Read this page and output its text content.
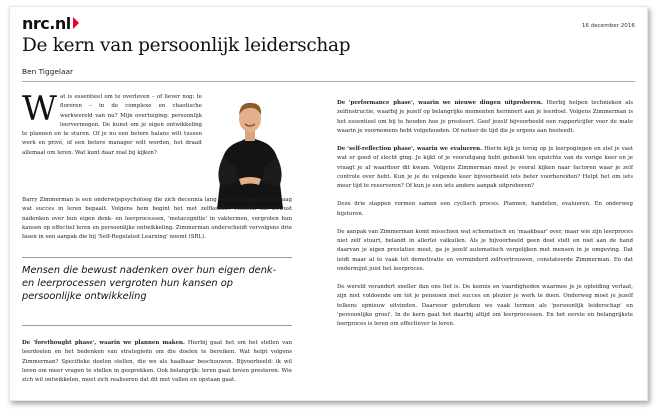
nrc.nl	16 december 2016
De kern van persoonlijk leiderschap
Ben Tiggelaar

Wat is essentieel om te overleven – of liever nog: te floreren – in de complexe en chaotische werkwereld van nu? Mijn overtuiging: persoonlijk leervermogen. De kunst om je eigen ontwikkeling te plannen en te sturen. Of je nu een betere balans wilt tussen werk en privé, of een betere manager wilt worden, het draait allemaal om leren. Wat kunt daar zoal bij kijken?

Barry Zimmerman is een onderwijspsycholoog die zich decennia lang heeft verdiept in de vraag wat succes in leren bepaalt. Volgens hem begint het met zelfkennis. Mensen die bewust nadenken over hun eigen denk- en leerprocessen, 'metacognitie' in vaktermen, vergroten hun kansen op effectief leren en persoonlijke ontwikkeling. Zimmerman onderscheidt vervolgens drie fasen in een aanpak die hij 'Self-Regulated Learning' noemt (SRL).

Mensen die bewust nadenken over hun eigen denk- en leerprocessen vergroten hun kansen op persoonlijke ontwikkeling

De 'forethought phase', waarin we plannen maken. Hierbij gaat het om het stellen van leerdoelen en het bedenken van strategieën om die doelen te bereiken. Wat helpt volgens Zimmerman? Specifieke doelen stellen, die we als haalbaar beschouwen. Bijvoorbeeld: ik wil leren om meer vragen te stellen in gesprekken. Ook belangrijk: leren gaat boven presteren. Wie zich wil ontwikkelen, moet zich realiseren dat dit met vallen en opstaan gaat.

De 'performance phase', waarin we nieuwe dingen uitproberen. Hierbij helpen technieken als zelfinstructie, waarbij je jezelf op belangrijke momenten herinnert aan je leerdoel. Volgens Zimmerman is het essentieel om bij te houden hoe je presteert. Geef jezelf bijvoorbeeld een rapportcijfer voor de mate waarin je voornemens hebt volgehouden. Of noteer de tijd die je ergens aan besteedt.

De 'self-reflection phase', waarin we evalueren. Hierin kijk je terug op je leerpogingen en stel je vast wat er goed of slecht ging. Je kijkt of je vooruitgang hebt geboekt ten opzichte van de vorige keer en je vraagt je af waardoor dit kwam. Volgens Zimmerman moet je vooral kijken naar factoren waar je zelf controle over hebt. Kun je je de volgende keer bijvoorbeeld iets beter voorbereiden? Helpt het om iets meer tijd te reserveren? Of kun je een iets andere aanpak uitproberen?

Deze drie stappen vormen samen een cyclisch proces. Plannen, handelen, evalueren. En onderweg bijsturen.

De aanpak van Zimmerman komt misschien wat schematisch en 'maakbaar' over, maar wie zijn leerproces niet zelf stuurt, belandt in allerlei valkuilen. Als je bijvoorbeeld geen doel stelt en niet aan de hand daarvan je eigen prestaties meet, ga je jezelf automatisch vergelijken met mensen in je omgeving. Dat leidt maar al te vaak tot demotivatie en verminderd zelfvertrouwen, constateerde Zimmerman. En dat ondermijnt juist het leerproces.

De wereld verandert sneller dan ons lief is. De kennis en vaardigheden waarmee je je opleiding verlaat, zijn niet voldoende om tot je pensioen met succes en plezier je werk te doen. Onderweg moet je jezelf telkens opnieuw uitvinden. Daarvoor gebruiken we vaak termen als 'persoonlijk leiderschap' en 'persoonlijke groei'. In de kern gaat het daarbij altijd om leerprocessen. En het eerste en belangrijkste leerproces is leren om effectiever te leren.
